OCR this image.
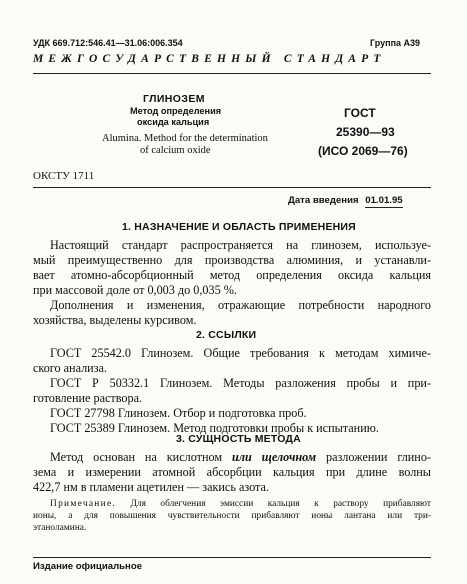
УДК 669.712:546.41—31.06:006.354	Группа А39
МЕЖГОСУДАРСТВЕННЫЙ СТАНДАРТ
ГЛИНОЗЕМ
Метод определения
оксида кальция
Alumina. Method for the determination
of calcium oxide
ГОСТ
25390—93
(ИСО 2069—76)
ОКСТУ 1711
Дата введения 01.01.95
1. НАЗНАЧЕНИЕ И ОБЛАСТЬ ПРИМЕНЕНИЯ
Настоящий стандарт распространяется на глинозем, используе-
мый преимущественно для производства алюминия, и устанавли-
вает атомно-абсорбционный метод определения оксида кальция
при массовой доле от 0,003 до 0,035 %.
Дополнения и изменения, отражающие потребности народного
хозяйства, выделены курсивом.
2. ССЫЛКИ
ГОСТ 25542.0 Глинозем. Общие требования к методам химиче-
ского анализа.
ГОСТ Р 50332.1 Глинозем. Методы разложения пробы и при-
готовление раствора.
ГОСТ 27798 Глинозем. Отбор и подготовка проб.
ГОСТ 25389 Глинозем. Метод подготовки пробы к испытанию.
3. СУЩНОСТЬ МЕТОДА
Метод основан на кислотном или щелочном разложении глино-
зема и измерении атомной абсорбции кальция при длине волны
422,7 нм в пламени ацетилен — закись азота.
Примечание. Для облегчения эмиссии кальция к раствору прибавляют
ионы, а для повышения чувствительности прибавляют ионы лантана или три-
этаноламина.
Издание официальное
